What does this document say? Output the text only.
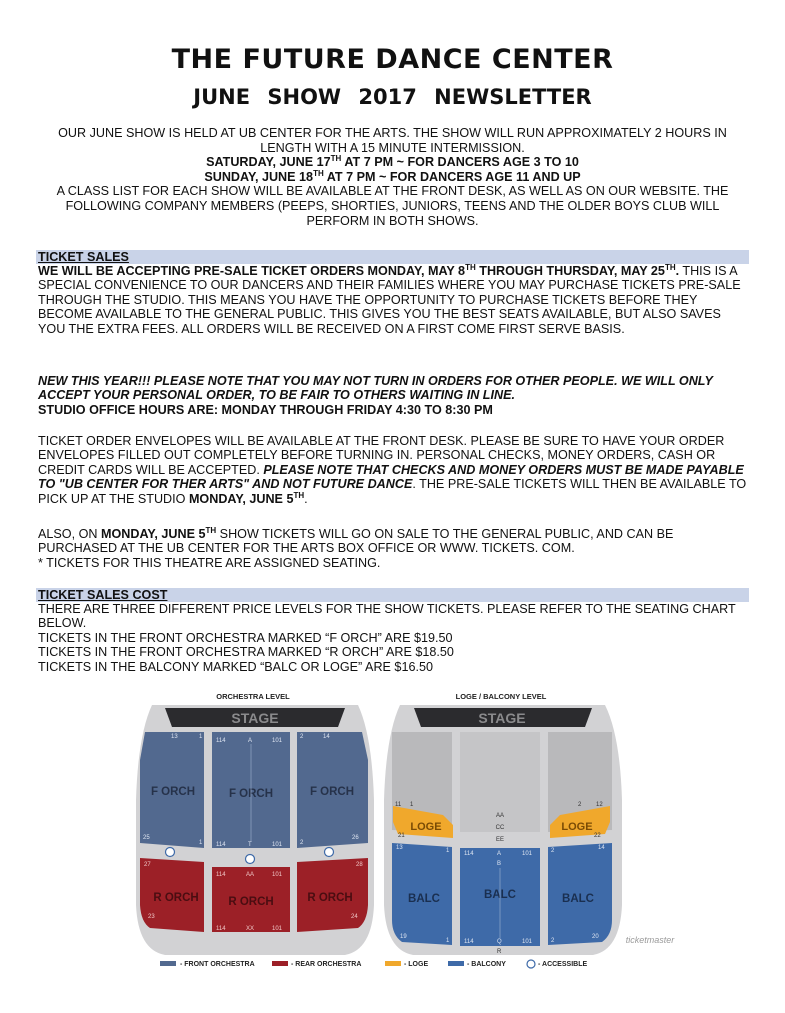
THE FUTURE DANCE CENTER
JUNE SHOW 2017 NEWSLETTER
OUR JUNE SHOW IS HELD AT UB CENTER FOR THE ARTS. THE SHOW WILL RUN APPROXIMATELY 2 HOURS IN LENGTH WITH A 15 MINUTE INTERMISSION.
SATURDAY, JUNE 17TH AT 7 PM ~ FOR DANCERS AGE 3 TO 10
SUNDAY, JUNE 18TH AT 7 PM ~ FOR DANCERS AGE 11 AND UP
A CLASS LIST FOR EACH SHOW WILL BE AVAILABLE AT THE FRONT DESK, AS WELL AS ON OUR WEBSITE. THE FOLLOWING COMPANY MEMBERS (PEEPS, SHORTIES, JUNIORS, TEENS AND THE OLDER BOYS CLUB WILL PERFORM IN BOTH SHOWS.
TICKET SALES
WE WILL BE ACCEPTING PRE-SALE TICKET ORDERS MONDAY, MAY 8TH THROUGH THURSDAY, MAY 25TH. THIS IS A SPECIAL CONVENIENCE TO OUR DANCERS AND THEIR FAMILIES WHERE YOU MAY PURCHASE TICKETS PRE-SALE THROUGH THE STUDIO. THIS MEANS YOU HAVE THE OPPORTUNITY TO PURCHASE TICKETS BEFORE THEY BECOME AVAILABLE TO THE GENERAL PUBLIC. THIS GIVES YOU THE BEST SEATS AVAILABLE, BUT ALSO SAVES YOU THE EXTRA FEES. ALL ORDERS WILL BE RECEIVED ON A FIRST COME FIRST SERVE BASIS.
NEW THIS YEAR!!! PLEASE NOTE THAT YOU MAY NOT TURN IN ORDERS FOR OTHER PEOPLE. WE WILL ONLY ACCEPT YOUR PERSONAL ORDER, TO BE FAIR TO OTHERS WAITING IN LINE.
STUDIO OFFICE HOURS ARE: MONDAY THROUGH FRIDAY 4:30 TO 8:30 PM
TICKET ORDER ENVELOPES WILL BE AVAILABLE AT THE FRONT DESK. PLEASE BE SURE TO HAVE YOUR ORDER ENVELOPES FILLED OUT COMPLETELY BEFORE TURNING IN. PERSONAL CHECKS, MONEY ORDERS, CASH OR CREDIT CARDS WILL BE ACCEPTED. PLEASE NOTE THAT CHECKS AND MONEY ORDERS MUST BE MADE PAYABLE TO "UB CENTER FOR THER ARTS" AND NOT FUTURE DANCE. THE PRE-SALE TICKETS WILL THEN BE AVAILABLE TO PICK UP AT THE STUDIO MONDAY, JUNE 5TH.
ALSO, ON MONDAY, JUNE 5TH SHOW TICKETS WILL GO ON SALE TO THE GENERAL PUBLIC, AND CAN BE PURCHASED AT THE UB CENTER FOR THE ARTS BOX OFFICE OR WWW. TICKETS. COM.
* TICKETS FOR THIS THEATRE ARE ASSIGNED SEATING.
TICKET SALES COST
THERE ARE THREE DIFFERENT PRICE LEVELS FOR THE SHOW TICKETS. PLEASE REFER TO THE SEATING CHART BELOW.
TICKETS IN THE FRONT ORCHESTRA MARKED “F ORCH” ARE $19.50
TICKETS IN THE FRONT ORCHESTRA MARKED “R ORCH” ARE $18.50
TICKETS IN THE BALCONY MARKED “BALC OR LOGE” ARE $16.50
ORCHESTRA LEVEL	LOGE / BALCONY LEVEL
STAGE
F ORCH	F ORCH	F ORCH
13	1
114	A	101
2	14
25
1 114	T	101	2
26
R ORCH	R ORCH	R ORCH
27	28
114	AA	101
114	XX	101
23	24
STAGE
LOGE	LOGE
11 1	2 12
21	22
AA
CC
EE
BALC	BALC	BALC
13	1 114	A	101
B
2	14
19
1 114	Q	101	2
20
R
ticketmaster
- FRONT ORCHESTRA	- REAR ORCHESTRA	- LOGE	- BALCONY	- ACCESSIBLE
